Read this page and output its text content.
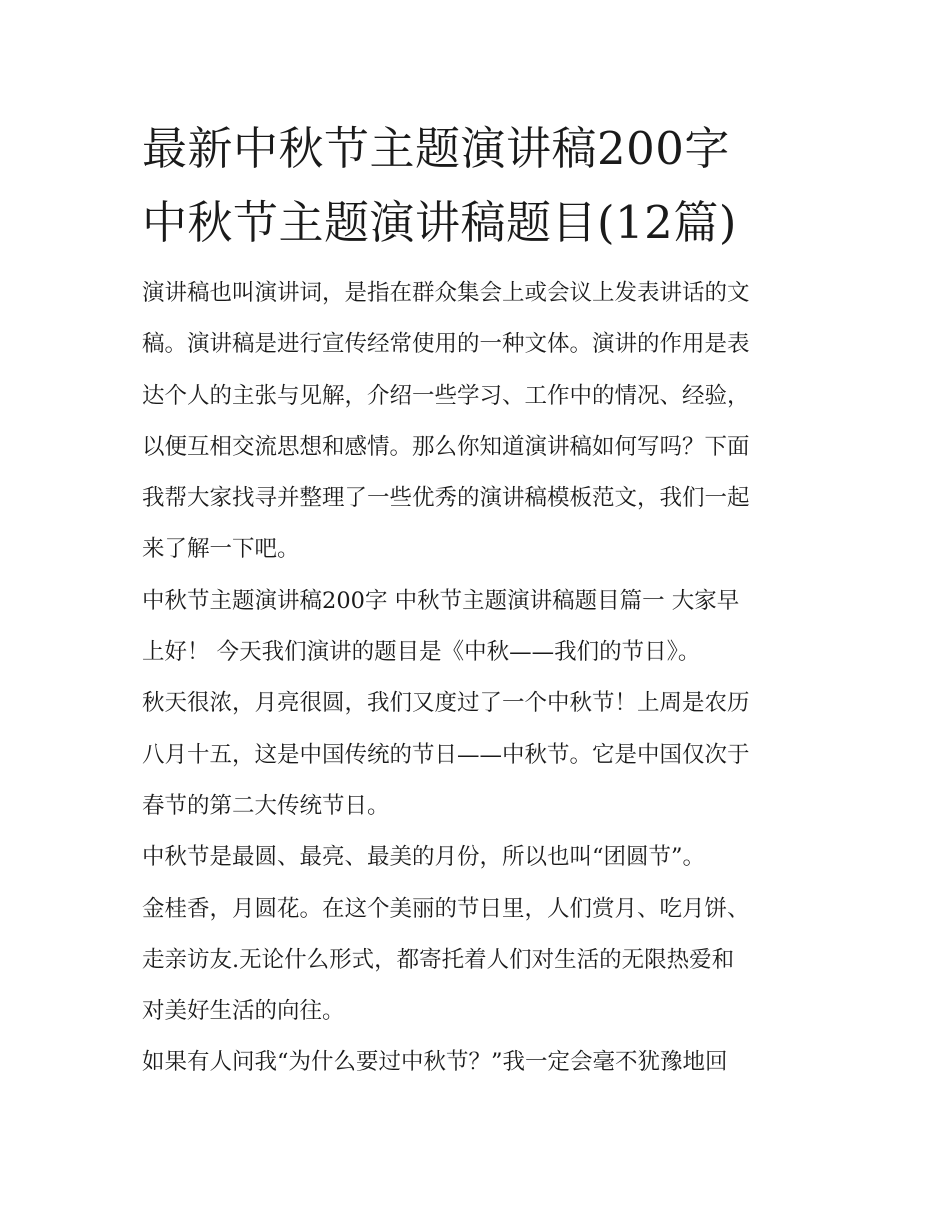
最新中秋节主题演讲稿200字
中秋节主题演讲稿题目(12篇)
演讲稿也叫演讲词，是指在群众集会上或会议上发表讲话的文
稿。演讲稿是进行宣传经常使用的一种文体。演讲的作用是表
达个人的主张与见解，介绍一些学习、工作中的情况、经验，
以便互相交流思想和感情。那么你知道演讲稿如何写吗？下面
我帮大家找寻并整理了一些优秀的演讲稿模板范文，我们一起
来了解一下吧。
中秋节主题演讲稿200字 中秋节主题演讲稿题目篇一 大家早
上好！ 今天我们演讲的题目是《中秋——我们的节日》。
秋天很浓，月亮很圆，我们又度过了一个中秋节！上周是农历
八月十五，这是中国传统的节日——中秋节。它是中国仅次于
春节的第二大传统节日。
中秋节是最圆、最亮、最美的月份，所以也叫“团圆节”。
金桂香，月圆花。在这个美丽的节日里，人们赏月、吃月饼、
走亲访友.无论什么形式，都寄托着人们对生活的无限热爱和
对美好生活的向往。
如果有人问我“为什么要过中秋节？”我一定会毫不犹豫地回
